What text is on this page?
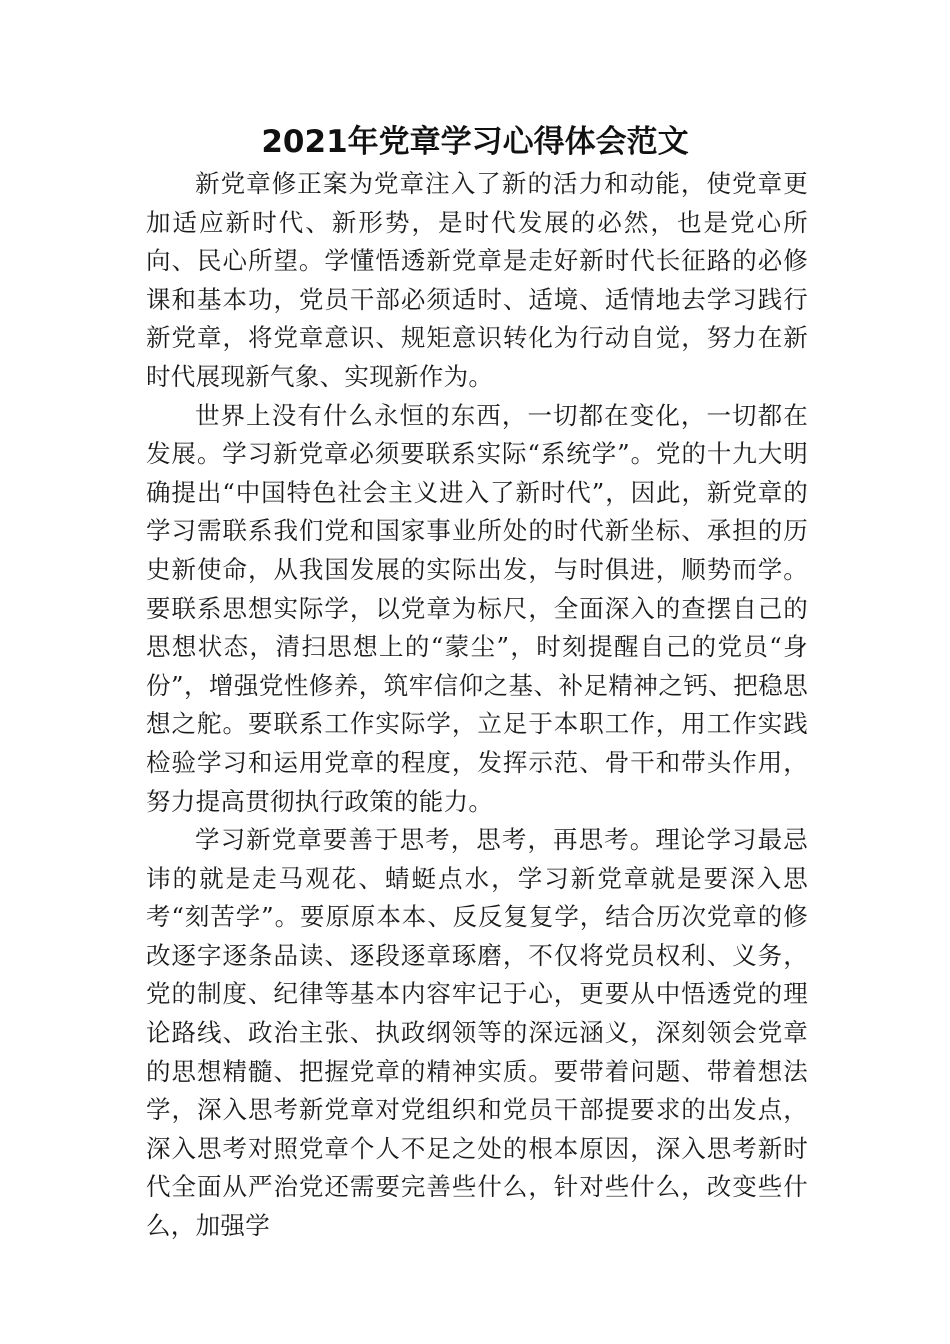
2021年党章学习心得体会范文

新党章修正案为党章注入了新的活力和动能，使党章更加适应新时代、新形势，是时代发展的必然，也是党心所向、民心所望。学懂悟透新党章是走好新时代长征路的必修课和基本功，党员干部必须适时、适境、适情地去学习践行新党章，将党章意识、规矩意识转化为行动自觉，努力在新时代展现新气象、实现新作为。

世界上没有什么永恒的东西，一切都在变化，一切都在发展。学习新党章必须要联系实际“系统学”。党的十九大明确提出“中国特色社会主义进入了新时代”，因此，新党章的学习需联系我们党和国家事业所处的时代新坐标、承担的历史新使命，从我国发展的实际出发，与时俱进，顺势而学。要联系思想实际学，以党章为标尺，全面深入的查摆自己的思想状态，清扫思想上的“蒙尘”，时刻提醒自己的党员“身份”，增强党性修养，筑牢信仰之基、补足精神之钙、把稳思想之舵。要联系工作实际学，立足于本职工作，用工作实践检验学习和运用党章的程度，发挥示范、骨干和带头作用，努力提高贯彻执行政策的能力。

学习新党章要善于思考，思考，再思考。理论学习最忌讳的就是走马观花、蜻蜓点水，学习新党章就是要深入思考“刻苦学”。要原原本本、反反复复学，结合历次党章的修改逐字逐条品读、逐段逐章琢磨，不仅将党员权利、义务，党的制度、纪律等基本内容牢记于心，更要从中悟透党的理论路线、政治主张、执政纲领等的深远涵义，深刻领会党章的思想精髓、把握党章的精神实质。要带着问题、带着想法学，深入思考新党章对党组织和党员干部提要求的出发点，深入思考对照党章个人不足之处的根本原因，深入思考新时代全面从严治党还需要完善些什么，针对些什么，改变些什么，加强学
